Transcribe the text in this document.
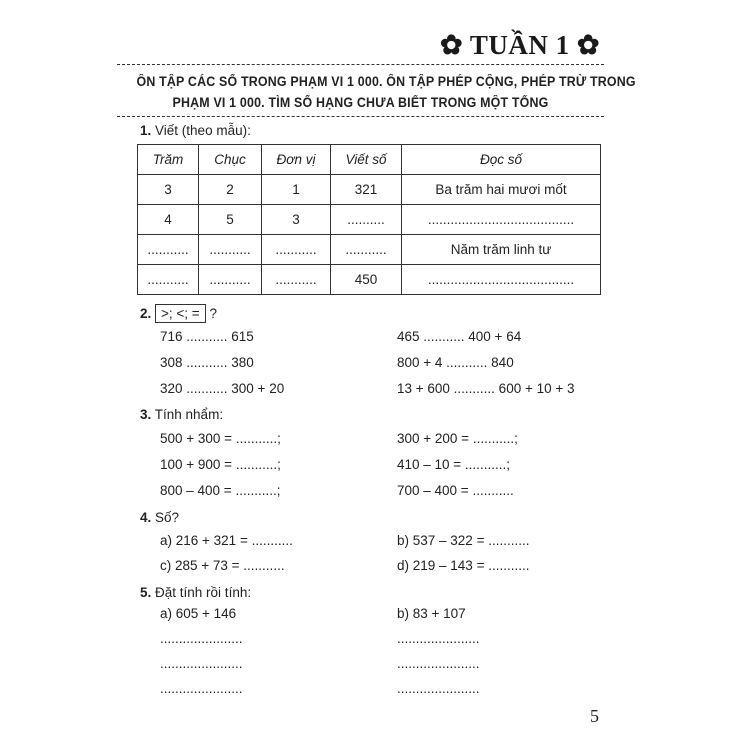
✿ TUẦN 1 ✿
ÔN TẬP CÁC SỐ TRONG PHẠM VI 1 000. ÔN TẬP PHÉP CỘNG, PHÉP TRỪ TRONG
PHẠM VI 1 000. TÌM SỐ HẠNG CHƯA BIẾT TRONG MỘT TỔNG
1. Viết (theo mẫu):
Trăm	Chục	Đơn vị	Viết số	Đọc số
3	2	1	321	Ba trăm hai mươi mốt
4	5	3	..........	.......................................
...........	...........	...........	...........	Năm trăm linh tư
...........	...........	...........	450	.......................................
2. >; <; = ?
716 ........... 615	465 ........... 400 + 64
308 ........... 380	800 + 4 ........... 840
320 ........... 300 + 20	13 + 600 ........... 600 + 10 + 3
3. Tính nhẩm:
500 + 300 = ...........;	300 + 200 = ...........;
100 + 900 = ...........;	410 – 10 = ...........;
800 – 400 = ...........;	700 – 400 = ...........
4. Số?
a) 216 + 321 = ...........	b) 537 – 322 = ...........
c) 285 + 73 = ...........	d) 219 – 143 = ...........
5. Đặt tính rồi tính:
a) 605 + 146	b) 83 + 107
......................	......................
......................	......................
......................	......................
5
